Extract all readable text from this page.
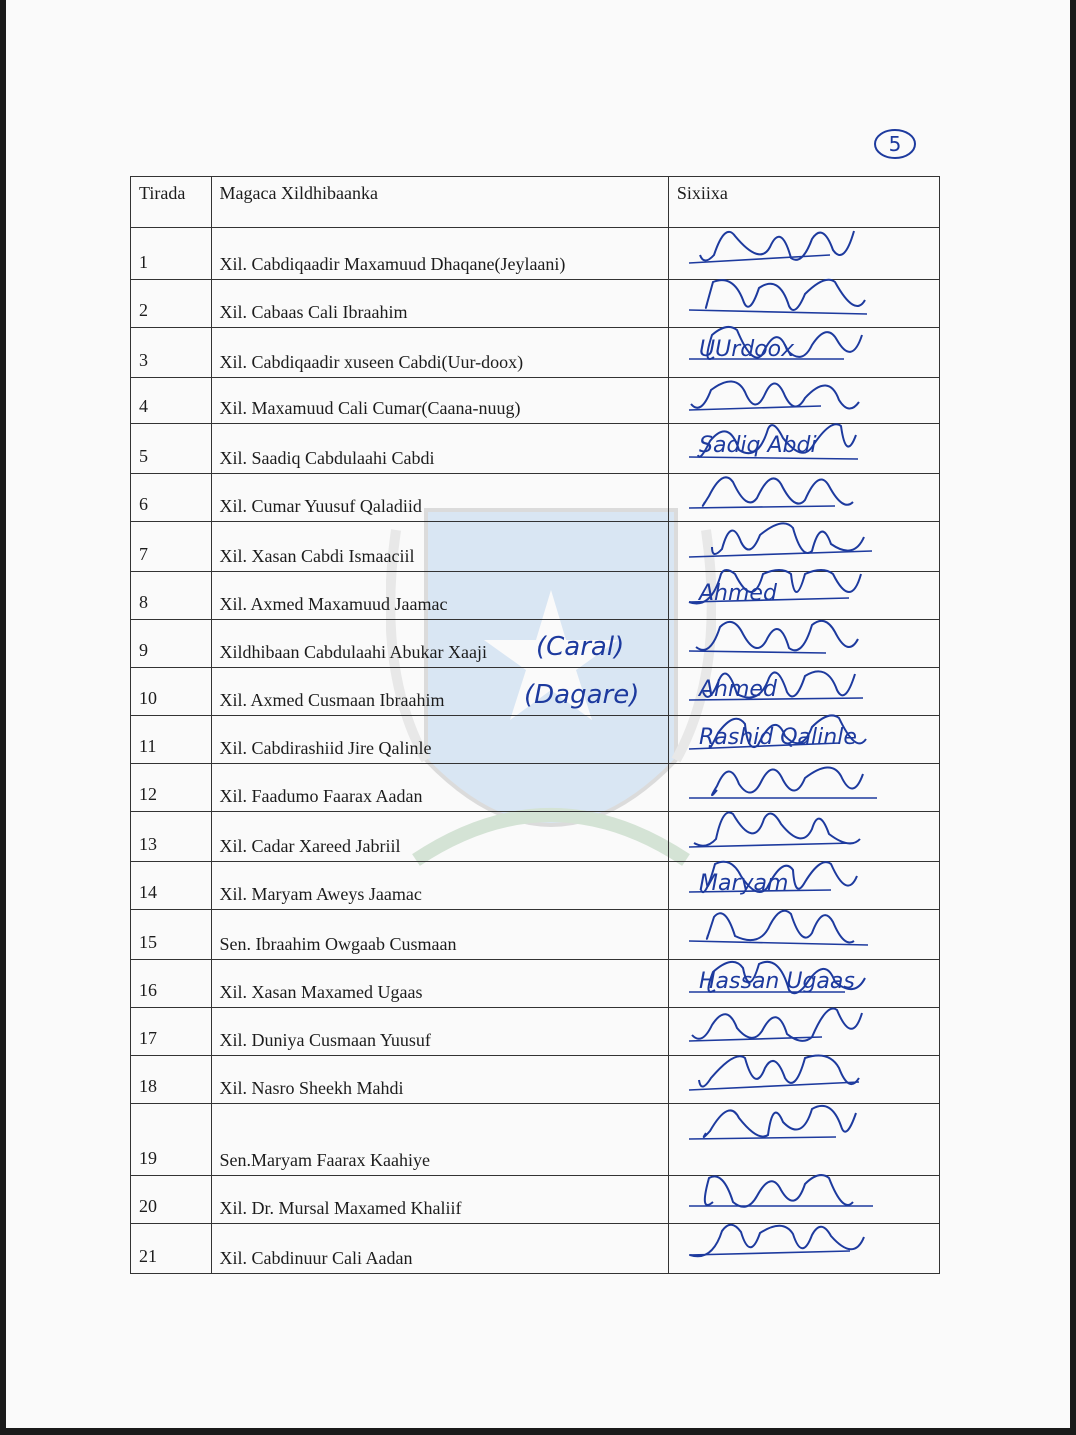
5
Tirada	Magaca Xildhibaanka	Sixiixa
1	Xil. Cabdiqaadir Maxamuud Dhaqane(Jeylaani)	

2	Xil. Cabaas Cali Ibraahim	

3	Xil. Cabdiqaadir xuseen Cabdi(Uur-doox)	UUrdoox

4	Xil. Maxamuud Cali Cumar(Caana-nuug)	

5	Xil. Saadiq Cabdulaahi Cabdi	Sadiq Abdi

6	Xil. Cumar Yuusuf Qaladiid	

7	Xil. Xasan Cabdi Ismaaciil	

8	Xil. Axmed Maxamuud Jaamac	Ahmed

9	Xildhibaan Cabdulaahi Abukar Xaaji	

10	Xil. Axmed Cusmaan Ibraahim	Ahmed

11	Xil. Cabdirashiid Jire Qalinle	Rashid Qalinle

12	Xil. Faadumo Faarax Aadan	

13	Xil. Cadar Xareed Jabriil	

14	Xil. Maryam Aweys Jaamac	Maryam

15	Sen. Ibraahim Owgaab Cusmaan	

16	Xil. Xasan Maxamed Ugaas	Hassan Ugaas

17	Xil. Duniya Cusmaan Yuusuf	

18	Xil. Nasro Sheekh Mahdi	

19	Sen.Maryam Faarax Kaahiye	

20	Xil. Dr. Mursal Maxamed Khaliif	

21	Xil. Cabdinuur Cali Aadan	
(Caral)
(Dagare)
